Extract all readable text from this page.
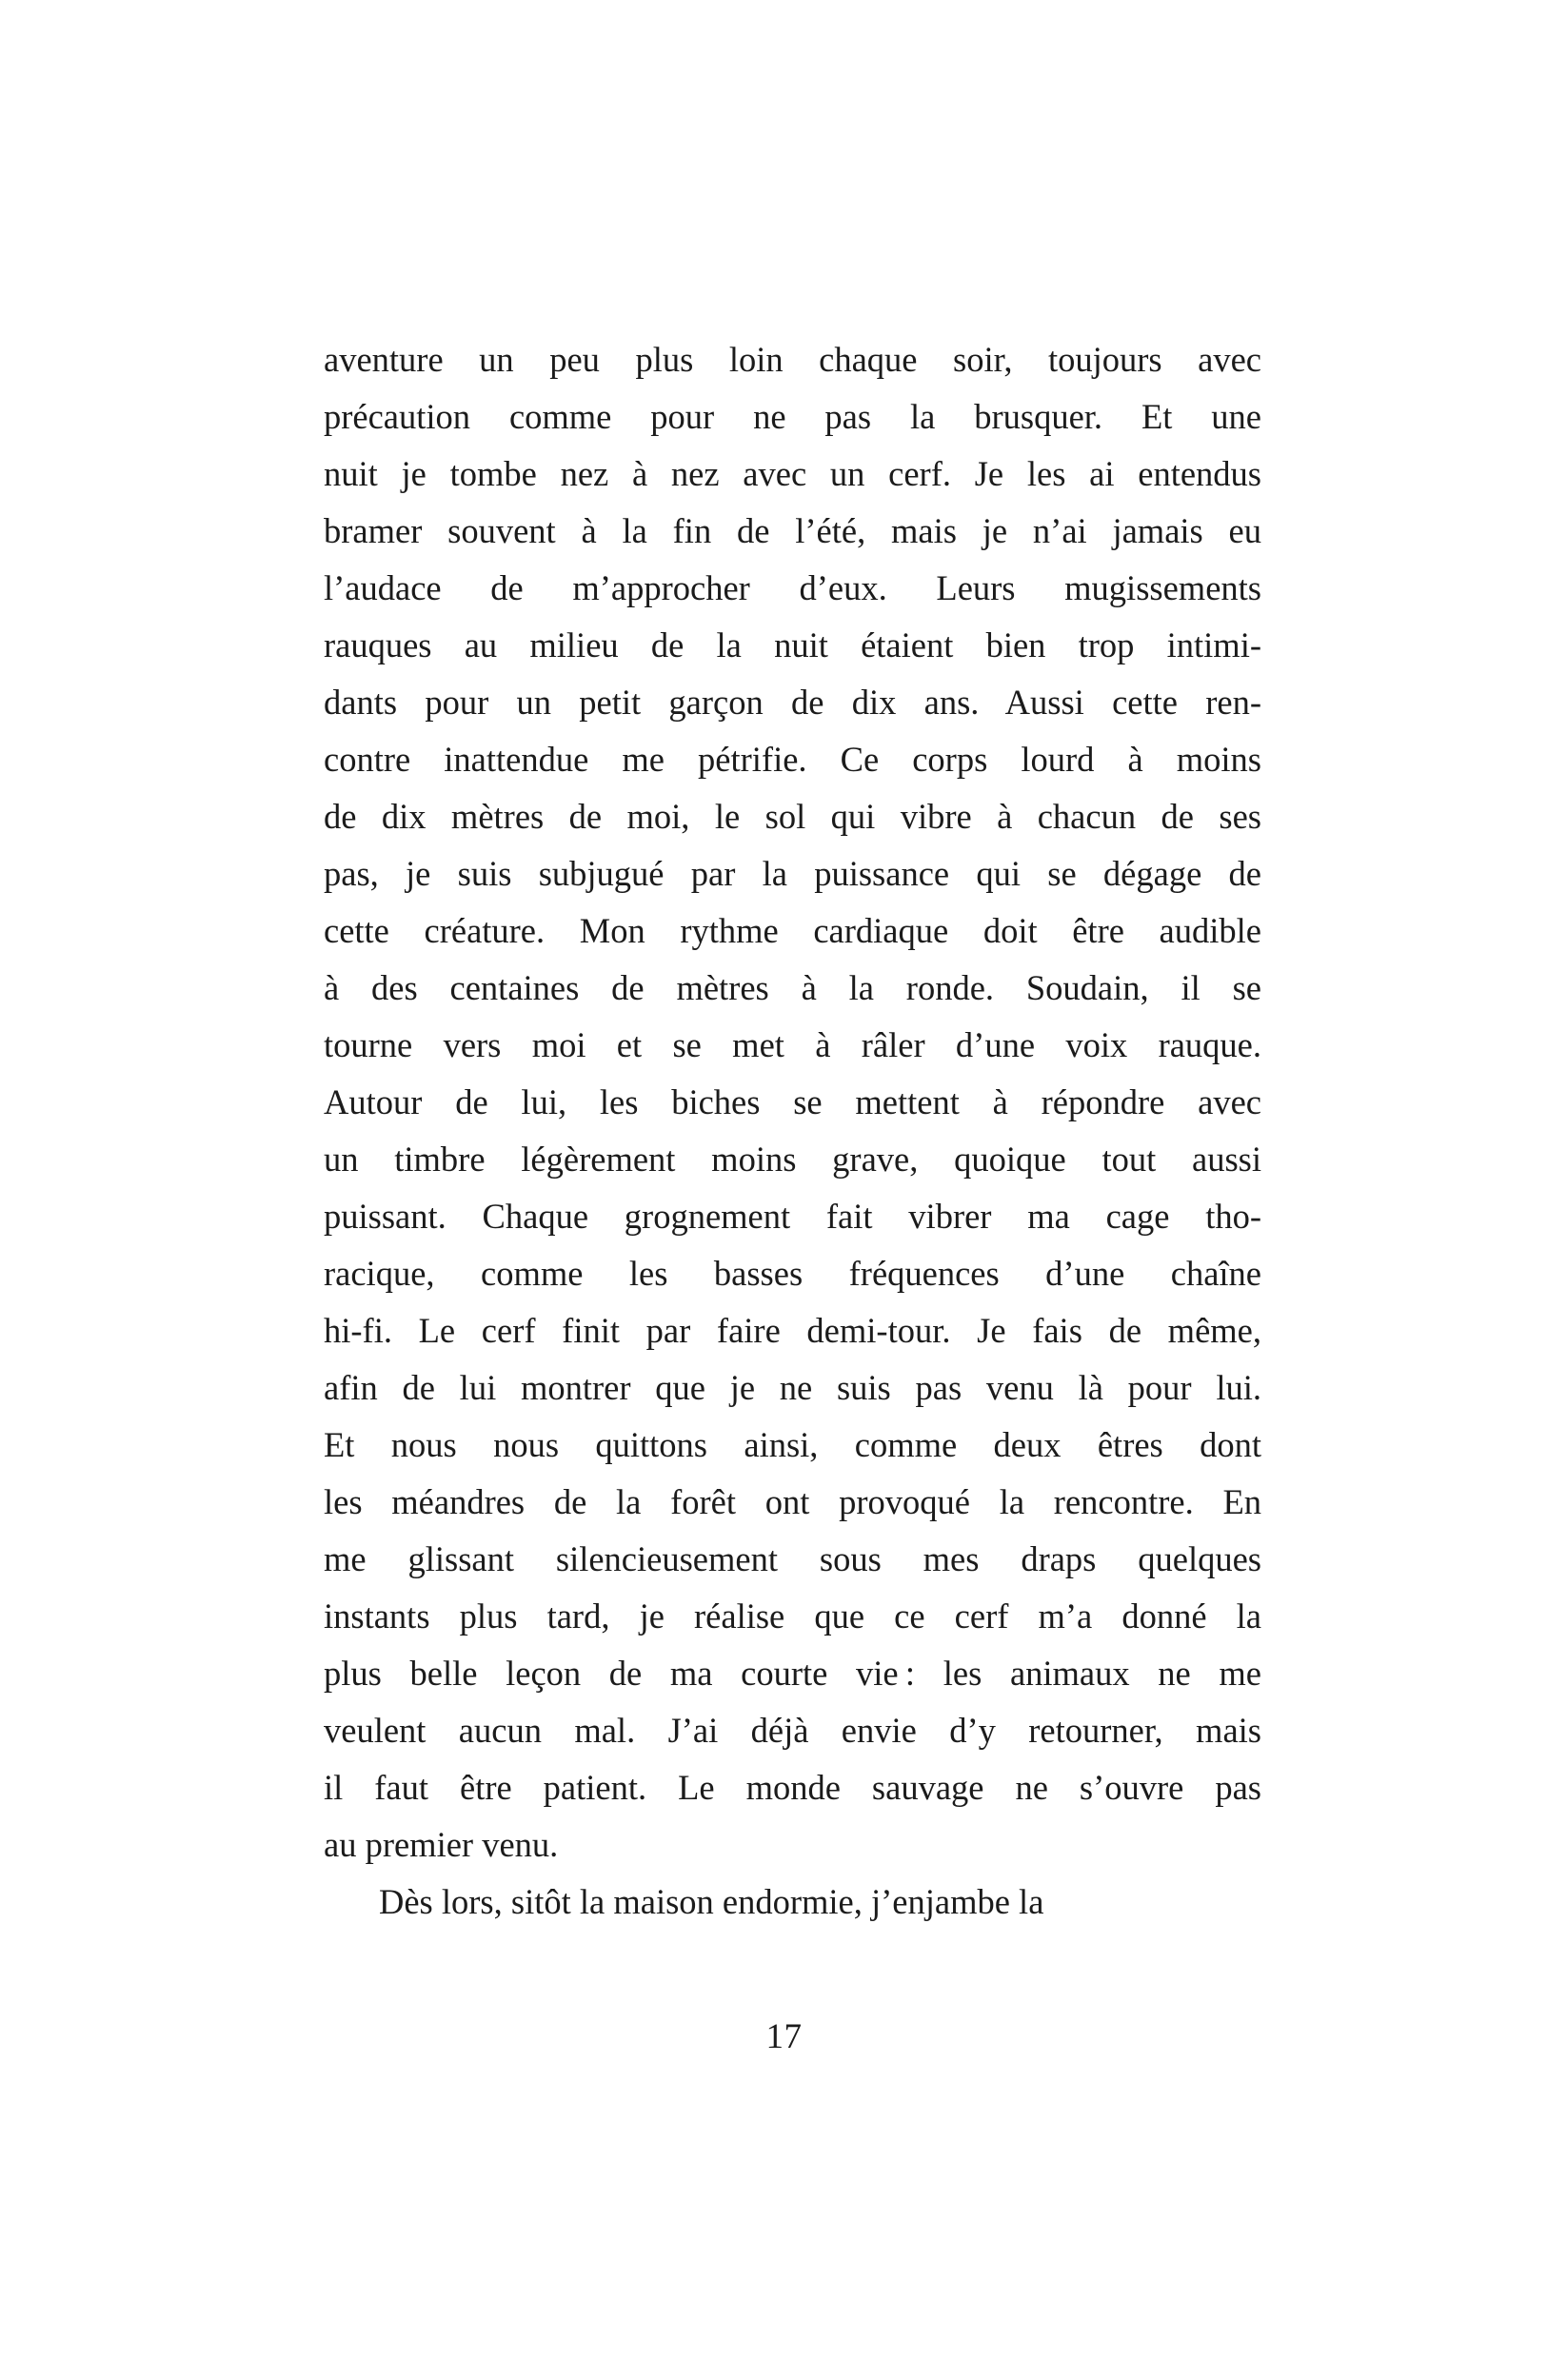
aventure un peu plus loin chaque soir, toujours avec
précaution comme pour ne pas la brusquer. Et une
nuit je tombe nez à nez avec un cerf. Je les ai entendus
bramer souvent à la fin de l’été, mais je n’ai jamais eu
l’audace de m’approcher d’eux. Leurs mugissements
rauques au milieu de la nuit étaient bien trop intimi-
dants pour un petit garçon de dix ans. Aussi cette ren-
contre inattendue me pétrifie. Ce corps lourd à moins
de dix mètres de moi, le sol qui vibre à chacun de ses
pas, je suis subjugué par la puissance qui se dégage de
cette créature. Mon rythme cardiaque doit être audible
à des centaines de mètres à la ronde. Soudain, il se
tourne vers moi et se met à râler d’une voix rauque.
Autour de lui, les biches se mettent à répondre avec
un timbre légèrement moins grave, quoique tout aussi
puissant. Chaque grognement fait vibrer ma cage tho-
racique, comme les basses fréquences d’une chaîne
hi-fi. Le cerf finit par faire demi-tour. Je fais de même,
afin de lui montrer que je ne suis pas venu là pour lui.
Et nous nous quittons ainsi, comme deux êtres dont
les méandres de la forêt ont provoqué la rencontre. En
me glissant silencieusement sous mes draps quelques
instants plus tard, je réalise que ce cerf m’a donné la
plus belle leçon de ma courte vie : les animaux ne me
veulent aucun mal. J’ai déjà envie d’y retourner, mais
il faut être patient. Le monde sauvage ne s’ouvre pas
au premier venu.
Dès lors, sitôt la maison endormie, j’enjambe la
17
